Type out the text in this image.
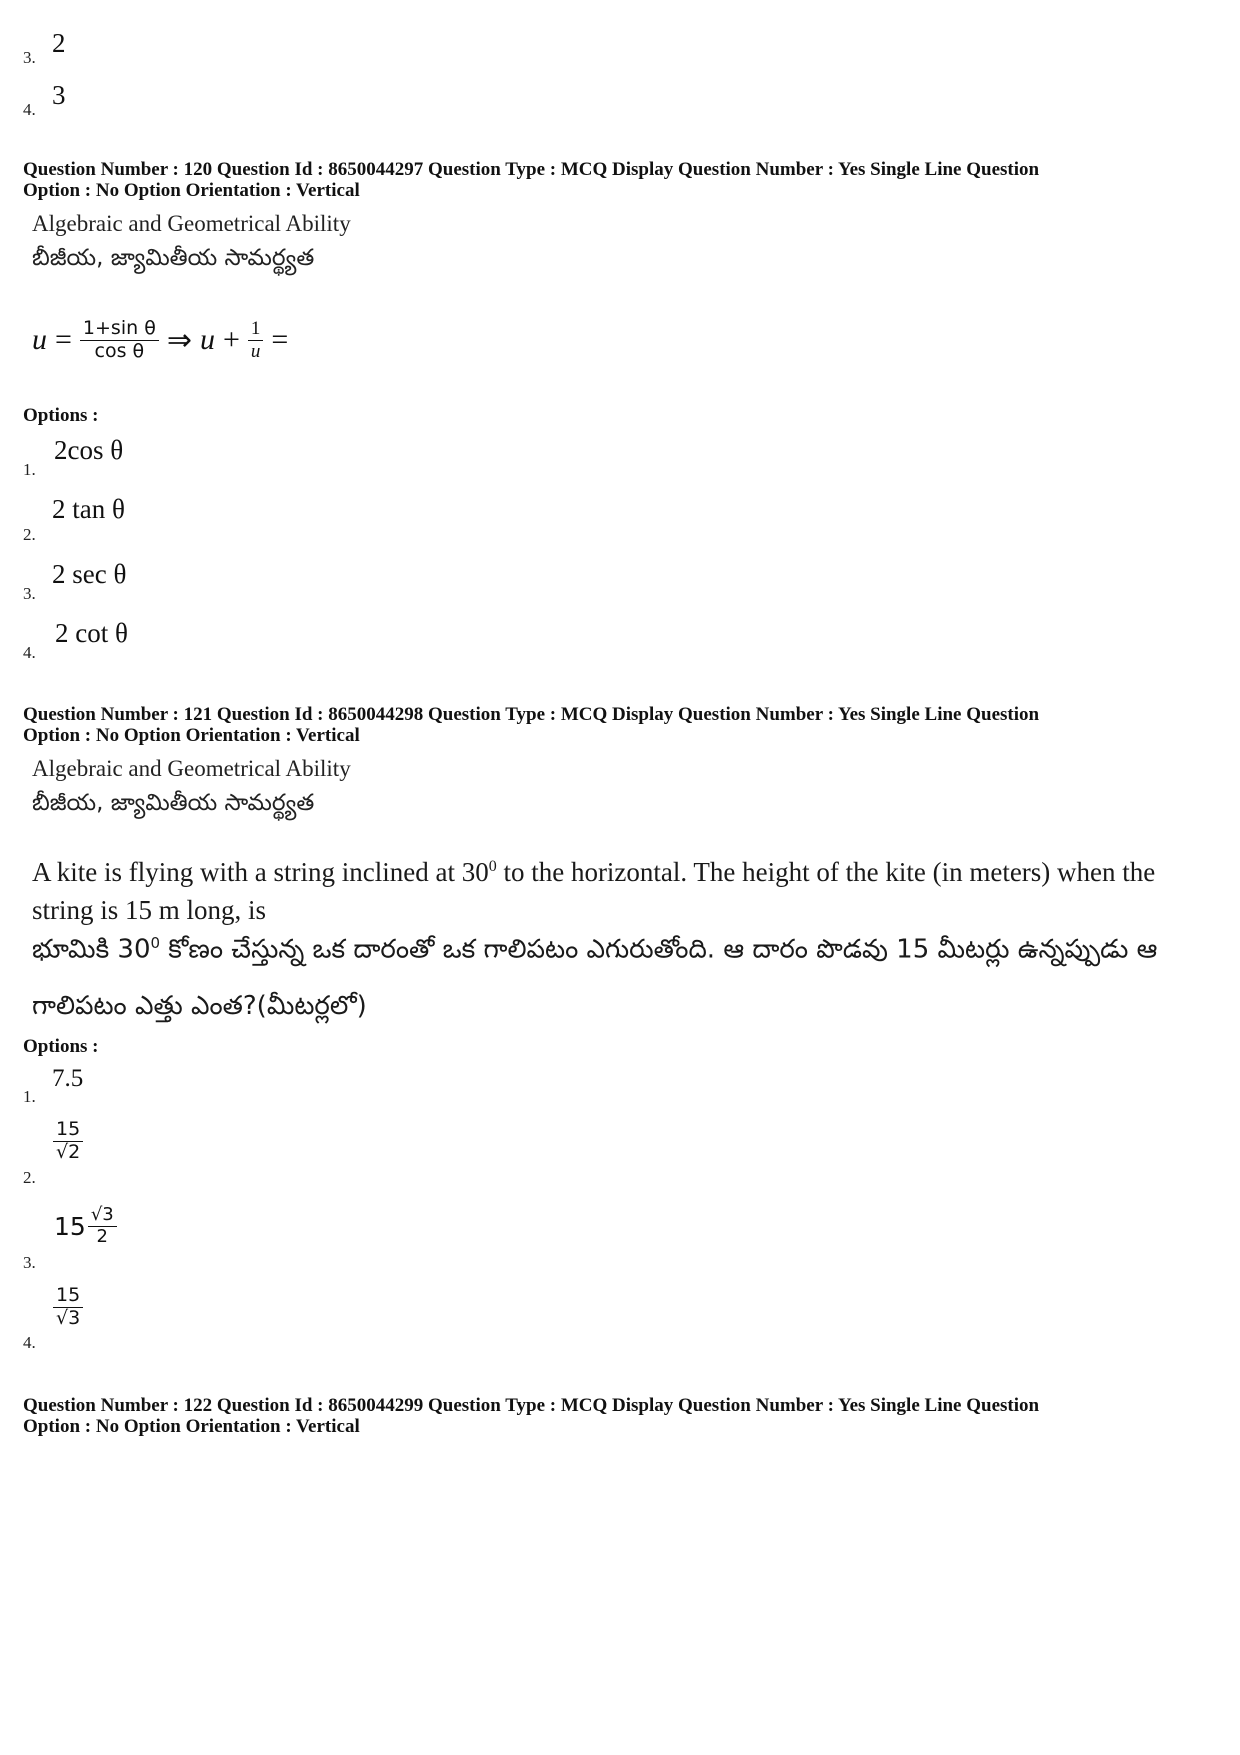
3. 2
4. 3
Question Number : 120 Question Id : 8650044297 Question Type : MCQ Display Question Number : Yes Single Line Question
Option : No Option Orientation : Vertical
Algebraic and Geometrical Ability
బీజీయ, జ్యామితీయ సామర్థ్యత
$u = \frac{\text{1+sin θ}}{\text{cos θ}}$ ⇒ $u + \frac{1}{u}$ =
Options :
1.
2cos θ
2.
2 tan θ
3.
2 sec θ
4.
2 cot θ
Question Number : 121 Question Id : 8650044298 Question Type : MCQ Display Question Number : Yes Single Line Question
Option : No Option Orientation : Vertical
Algebraic and Geometrical Ability
బీజీయ, జ్యామితీయ సామర్థ్యత
A kite is flying with a string inclined at $30^0$ to the horizontal. The height of the kite (in meters) when the string is 15 m long, is
భూమికి $30^0$ కోణం చేస్తున్న ఒక దారంతో ఒక గాలిపటం ఎగురుతోంది. ఆ దారం పొడవు 15 మీటర్లు ఉన్నప్పుడు ఆ గాలిపటం ఎత్తు ఎంత?(మీటర్లలో)
Options :
1.
7.5
2.
$\frac{15}{√2}$
3.
$15 \frac{√3}{2}$
4.
$\frac{15}{√3}$
Question Number : 122 Question Id : 8650044299 Question Type : MCQ Display Question Number : Yes Single Line Question
Option : No Option Orientation : Vertical
